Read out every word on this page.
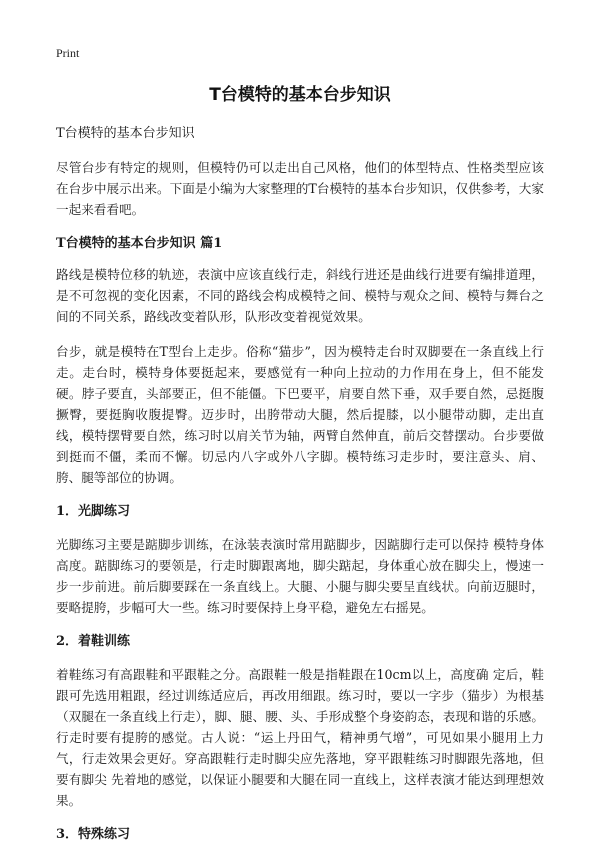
Print
T台模特的基本台步知识
T台模特的基本台步知识

尽管台步有特定的规则，但模特仍可以走出自己风格，他们的体型特点、性格类型应该在台步中展示出来。下面是小编为大家整理的T台模特的基本台步知识，仅供参考，大家一起来看看吧。

T台模特的基本台步知识 篇1

路线是模特位移的轨迹，表演中应该直线行走，斜线行进还是曲线行进要有编排道理，是不可忽视的变化因素，不同的路线会构成模特之间、模特与观众之间、模特与舞台之间的不同关系，路线改变着队形，队形改变着视觉效果。

台步，就是模特在T型台上走步。俗称“猫步”，因为模特走台时双脚要在一条直线上行走。走台时，模特身体要挺起来，要感觉有一种向上拉动的力作用在身上，但不能发硬。脖子要直，头部要正，但不能僵。下巴要平，肩要自然下垂，双手要自然，忌挺腹撅臀，要挺胸收腹提臀。迈步时，出胯带动大腿，然后提膝，以小腿带动脚，走出直线，模特摆臂要自然，练习时以肩关节为轴，两臂自然伸直，前后交替摆动。台步要做到挺而不僵，柔而不懈。切忌内八字或外八字脚。模特练习走步时，要注意头、肩、胯、腿等部位的协调。

1．光脚练习

光脚练习主要是踮脚步训练，在泳装表演时常用踮脚步，因踮脚行走可以保持 模特身体高度。踮脚练习的要领是，行走时脚跟离地，脚尖踮起，身体重心放在脚尖上，慢速一步一步前进。前后脚要踩在一条直线上。大腿、小腿与脚尖要呈直线状。向前迈腿时，要略提胯，步幅可大一些。练习时要保持上身平稳，避免左右摇晃。

2．着鞋训练

着鞋练习有高跟鞋和平跟鞋之分。高跟鞋一般是指鞋跟在10cm以上，高度确 定后，鞋跟可先选用粗跟，经过训练适应后，再改用细跟。练习时，要以一字步（猫步）为根基（双腿在一条直线上行走），脚、腿、腰、头、手形成整个身姿韵态，表现和谐的乐感。行走时要有提胯的感觉。古人说：“运上丹田气，精神勇气增”，可见如果小腿用上力气，行走效果会更好。穿高跟鞋行走时脚尖应先落地，穿平跟鞋练习时脚跟先落地，但要有脚尖 先着地的感觉，以保证小腿要和大腿在同一直线上，这样表演才能达到理想效果。

3．特殊练习
